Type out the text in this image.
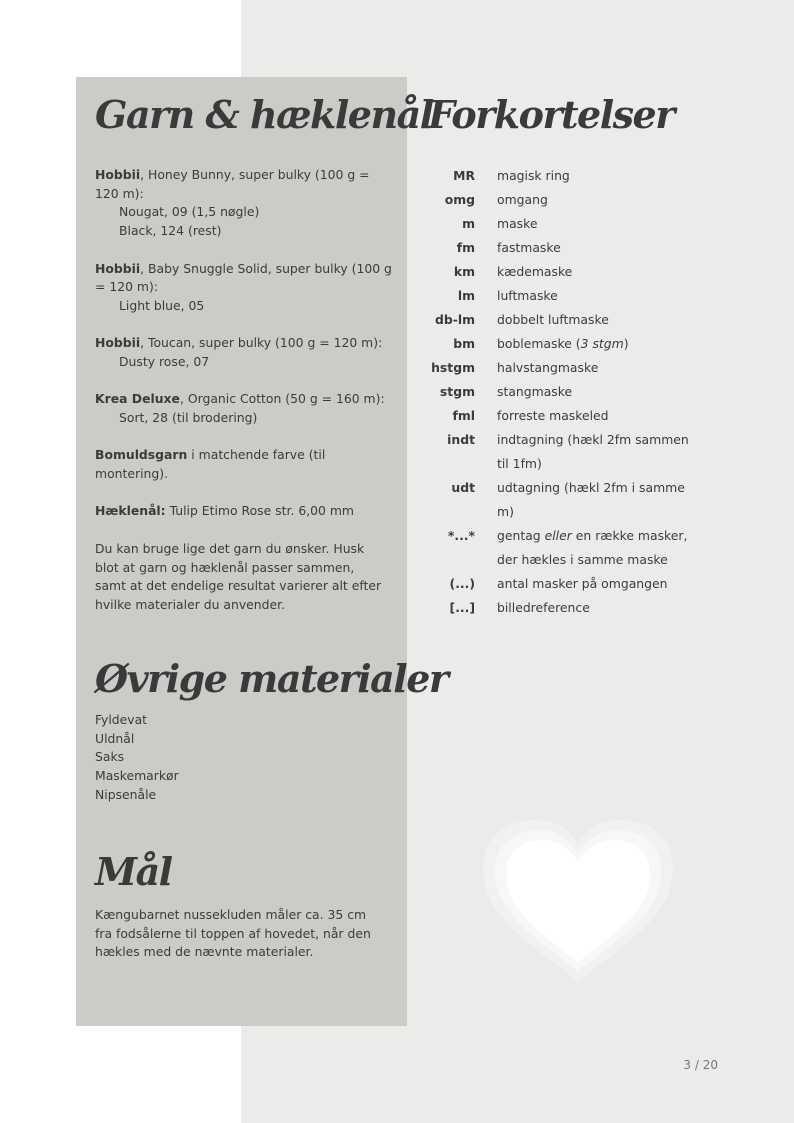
Garn & hæklenål

Hobbii, Honey Bunny, super bulky (100 g = 120 m):

Nougat, 09 (1,5 nøgle)

Black, 124 (rest)

Hobbii, Baby Snuggle Solid, super bulky (100 g = 120 m):

Light blue, 05

Hobbii, Toucan, super bulky (100 g = 120 m):

Dusty rose, 07

Krea Deluxe, Organic Cotton (50 g = 160 m):

Sort, 28 (til brodering)

Bomuldsgarn i matchende farve (til montering).

Hæklenål: Tulip Etimo Rose str. 6,00 mm

Du kan bruge lige det garn du ønsker. Husk blot at garn og hæklenål passer sammen, samt at det endelige resultat varierer alt efter hvilke materialer du anvender.

Øvrige materialer

Fyldevat

Uldnål

Saks

Maskemarkør

Nipsenåle

Mål

Kængubarnet nussekluden måler ca. 35 cm fra fodsålerne til toppen af hovedet, når den hækles med de nævnte materialer.

Forkortelser
MR	magisk ring
omg	omgang
m	maske
fm	fastmaske
km	kædemaske
lm	luftmaske
db-lm	dobbelt luftmaske
bm	boblemaske (3 stgm)
hstgm	halvstangmaske
stgm	stangmaske
fml	forreste maskeled
indt	indtagning (hækl 2fm sammen til 1fm)
udt	udtagning (hækl 2fm i samme m)
*...*	gentag eller en række masker, der hækles i samme maske
(...)	antal masker på omgangen
[...]	billedreference
3 / 20
